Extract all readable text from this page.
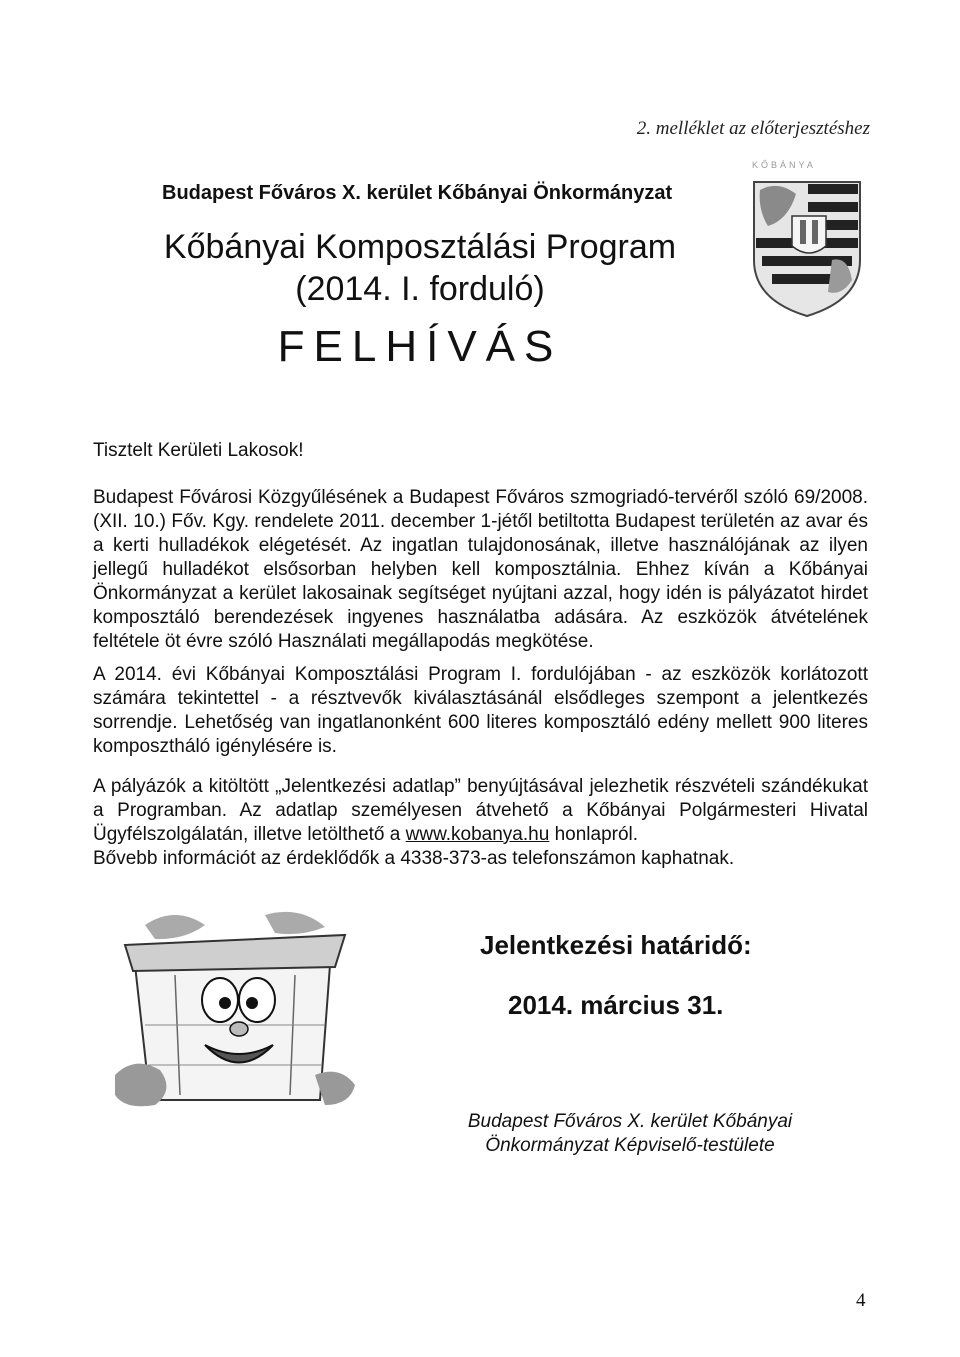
2. melléklet az előterjesztéshez
Budapest Főváros X. kerület Kőbányai Önkormányzat
Kőbányai Komposztálási Program
(2014. I. forduló)
FELHÍVÁS
KŐBÁNYA
Tisztelt Kerületi Lakosok!
Budapest Fővárosi Közgyűlésének a Budapest Főváros szmogriadó-tervéről szóló 69/2008. (XII. 10.) Főv. Kgy. rendelete 2011. december 1-jétől betiltotta Budapest területén az avar és a kerti hulladékok elégetését. Az ingatlan tulajdonosának, illetve használójának az ilyen jellegű hulladékot elsősorban helyben kell komposztálnia. Ehhez kíván a Kőbányai Önkormányzat a kerület lakosainak segítséget nyújtani azzal, hogy idén is pályázatot hirdet komposztáló berendezések ingyenes használatba adására. Az eszközök átvételének feltétele öt évre szóló Használati megállapodás megkötése.
A 2014. évi Kőbányai Komposztálási Program I. fordulójában - az eszközök korlátozott számára tekintettel - a résztvevők kiválasztásánál elsődleges szempont a jelentkezés sorrendje. Lehetőség van ingatlanonként 600 literes komposztáló edény mellett 900 literes komposztháló igénylésére is.
A pályázók a kitöltött „Jelentkezési adatlap” benyújtásával jelezhetik részvételi szándékukat a Programban. Az adatlap személyesen átvehető a Kőbányai Polgármesteri Hivatal Ügyfélszolgálatán, illetve letölthető a www.kobanya.hu honlapról.
Bővebb információt az érdeklődők a 4338-373-as telefonszámon kaphatnak.
Jelentkezési határidő:
2014. március 31.
Budapest Főváros X. kerület Kőbányai
Önkormányzat Képviselő-testülete
4
